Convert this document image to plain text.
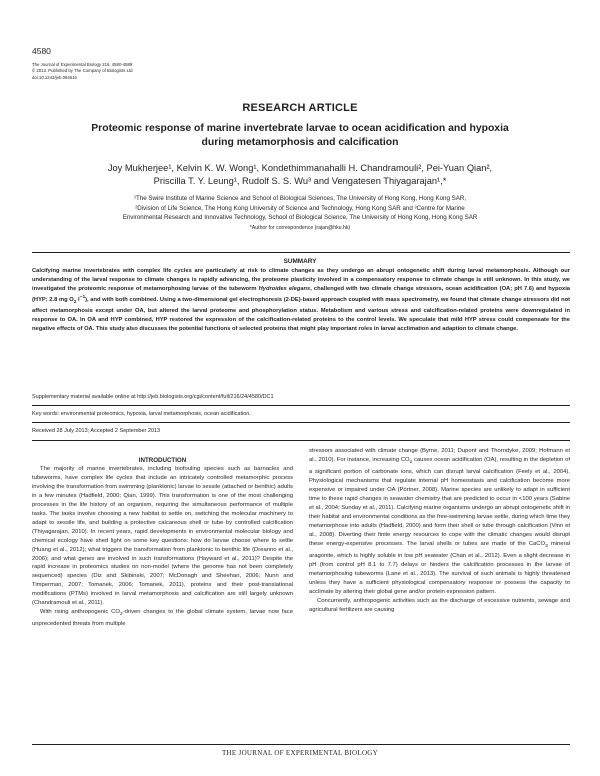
4580
The Journal of Experimental Biology 216, 4580-4589
© 2013. Published by The Company of Biologists Ltd
doi:10.1242/jeb.094516
RESEARCH ARTICLE
Proteomic response of marine invertebrate larvae to ocean acidification and hypoxia
during metamorphosis and calcification
Joy Mukherjee¹, Kelvin K. W. Wong¹, Kondethimmanahalli H. Chandramouli², Pei-Yuan Qian²,
Priscilla T. Y. Leung¹, Rudolf S. S. Wu³ and Vengatesen Thiyagarajan¹,*
¹The Swire Institute of Marine Science and School of Biological Sciences, The University of Hong Kong, Hong Kong SAR,
²Division of Life Science, The Hong Kong University of Science and Technology, Hong Kong SAR and ³Centre for Marine
Environmental Research and Innovative Technology, School of Biological Science, The University of Hong Kong, Hong Kong SAR
*Author for correspondence (rajan@hku.hk)
SUMMARY
Calcifying marine invertebrates with complex life cycles are particularly at risk to climate changes as they undergo an abrupt ontogenetic shift during larval metamorphosis. Although our understanding of the larval response to climate changes is rapidly advancing, the proteome plasticity involved in a compensatory response to climate change is still unknown. In this study, we investigated the proteomic response of metamorphosing larvae of the tubeworm Hydroides elegans, challenged with two climate change stressors, ocean acidification (OA; pH 7.6) and hypoxia (HYP; 2.8 mg $O_2$ $l^{-1}$), and with both combined. Using a two-dimensional gel electrophoresis (2-DE)-based approach coupled with mass spectrometry, we found that climate change stressors did not affect metamorphosis except under OA, but altered the larval proteome and phosphorylation status. Metabolism and various stress and calcification-related proteins were downregulated in response to OA. In OA and HYP combined, HYP restored the expression of the calcification-related proteins to the control levels. We speculate that mild HYP stress could compensate for the negative effects of OA. This study also discusses the potential functions of selected proteins that might play important roles in larval acclimation and adaption to climate change.
Supplementary material available online at http://jeb.biologists.org/cgi/content/full/216/24/4580/DC1
Key words: environmental proteomics, hypoxia, larval metamorphosis, ocean acidification.
Received 28 July 2013; Accepted 2 September 2013
INTRODUCTION

The majority of marine invertebrates, including biofouling species such as barnacles and tubeworms, have complex life cycles that include an intricately controlled metamorphic process involving the transformation from swimming (planktonic) larvae to sessile (attached or benthic) adults in a few minutes (Hadfield, 2000; Qian, 1999). This transformation is one of the most challenging processes in the life history of an organism, requiring the simultaneous performance of multiple tasks. The tasks involve choosing a new habitat to settle on, switching the molecular machinery to adapt to sessile life, and building a protective calcareous shell or tube by controlled calcification (Thiyagarajan, 2010). In recent years, rapid developments in environmental molecular biology and chemical ecology have shed light on some key questions: how do larvae choose where to settle (Huang et al., 2012); what triggers the transformation from planktonic to benthic life (Dreanno et al., 2006); and what genes are involved in such transformations (Hayward et al., 2011)? Despite the rapid increase in proteomics studies on non-model (where the genome has not been completely sequenced) species (Diz and Skibinski, 2007; McDonagh and Sheehan, 2006; Nunn and Timperman, 2007; Tomanek, 2006; Tomanek, 2011), proteins and their post-translational modifications (PTMs) involved in larval metamorphosis and calcification are still largely unknown (Chandramouli et al., 2011).

With rising anthropogenic $CO_2$-driven changes to the global climate system, larvae now face unprecedented threats from multiple

stressors associated with climate change (Byrne, 2011; Dupont and Thorndyke, 2009; Hofmann et al., 2010). For instance, increasing $CO_2$ causes ocean acidification (OA), resulting in the depletion of a significant portion of carbonate ions, which can disrupt larval calcification (Feely et al., 2004). Physiological mechanisms that regulate internal pH homeostasis and calcification become more expensive or impaired under OA (Pörtner, 2008). Marine species are unlikely to adapt in sufficient time to these rapid changes in seawater chemistry that are predicted to occur in <100 years (Sabine et al., 2004; Sunday et al., 2011). Calcifying marine organisms undergo an abrupt ontogenetic shift in their habitat and environmental conditions as the free-swimming larvae settle, during which time they metamorphose into adults (Hadfield, 2000) and form their shell or tube through calcification (Vinn et al., 2008). Diverting their finite energy resources to cope with the climatic changes would disrupt these energy-expensive processes. The larval shells or tubes are made of the CaCO$_3$ mineral aragonite, which is highly soluble in low pH seawater (Chan et al., 2012). Even a slight decrease in pH (from control pH 8.1 to 7.7) delays or hinders the calcification processes in the larvae of metamorphosing tubeworms (Lane et al., 2013). The survival of such animals is highly threatened unless they have a sufficient physiological compensatory response or possess the capacity to acclimate by altering their global gene and/or protein expression pattern.

Concurrently, anthropogenic activities such as the discharge of excessive nutrients, sewage and agricultural fertilizers are causing

THE JOURNAL OF EXPERIMENTAL BIOLOGY
